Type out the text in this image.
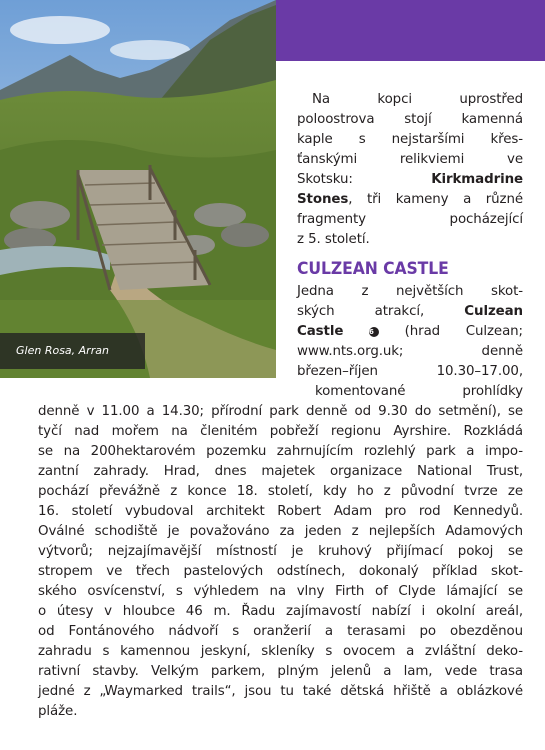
Glen Rosa, Arran
Na kopci uprostřed
poloostrova stojí kamenná
kaple s nejstaršími křes-
ťanskými relikviemi ve
Skotsku:	Kirkmadrine
Stones, tři kameny a různé
fragmenty pocházející
z 5. století.
CULZEAN CASTLE
Jedna z největších skot-
ských atrakcí,	Culzean
Castle	6 (hrad Culzean;
www.nts.org.uk; denně
březen–říjen 10.30–17.00,
komentované prohlídky
denně v 11.00 a 14.30; přírodní park denně od 9.30 do setmění), se
tyčí nad mořem na členitém pobřeží regionu Ayrshire. Rozkládá
se na 200hektarovém pozemku zahrnujícím rozlehlý park a impo-
zantní zahrady. Hrad, dnes majetek organizace National Trust,
pochází převážně z konce 18. století, kdy ho z původní tvrze ze
16. století vybudoval architekt Robert Adam pro rod Kennedyů.
Oválné schodiště je považováno za jeden z nejlepších Adamových
výtvorů; nejzajímavější místností je kruhový přijímací pokoj se
stropem ve třech pastelových odstínech, dokonalý příklad skot-
ského osvícenství, s výhledem na vlny Firth of Clyde lámající se
o útesy v hloubce 46 m. Řadu zajímavostí nabízí i okolní areál,
od Fontánového nádvoří s oranžerií a terasami po obezděnou
zahradu s kamennou jeskyní, skleníky s ovocem a zvláštní deko-
rativní stavby. Velkým parkem, plným jelenů a lam, vede trasa
jedné z „Waymarked trails“, jsou tu také dětská hřiště a oblázkové
pláže.
